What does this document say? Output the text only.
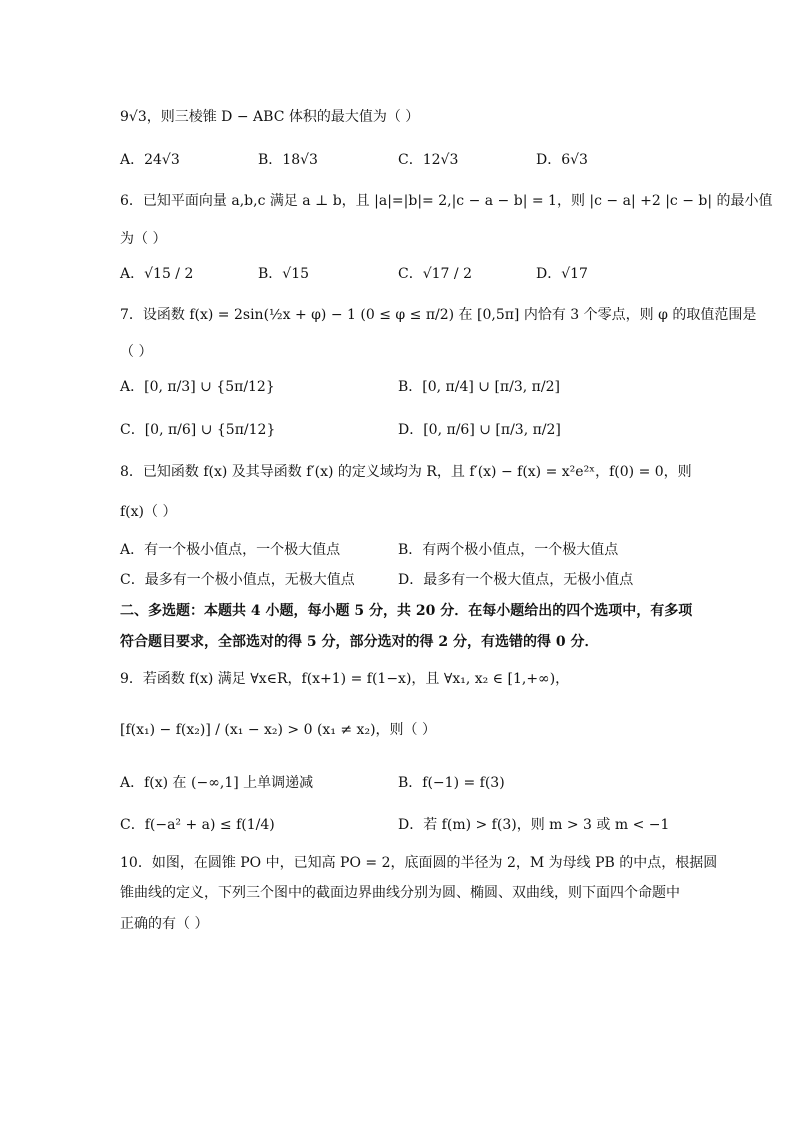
9√3，则三棱锥 D − ABC 体积的最大值为（ ）
A．24√3	B．18√3	C．12√3	D．6√3
6．已知平面向量 a,b,c 满足 a ⊥ b，且 |a|=|b|= 2,|c − a − b| = 1，则 |c − a| +2 |c − b| 的最小值
为（ ）
A．√15 / 2	B．√15	C．√17 / 2	D．√17
7．设函数 f(x) = 2sin(½x + φ) − 1 (0 ≤ φ ≤ π/2) 在 [0,5π] 内恰有 3 个零点，则 φ 的取值范围是
（ ）
A．[0, π/3] ∪ {5π/12}	B．[0, π/4] ∪ [π/3, π/2]
C．[0, π/6] ∪ {5π/12}	D．[0, π/6] ∪ [π/3, π/2]
8．已知函数 f(x) 及其导函数 f′(x) 的定义域均为 R，且 f′(x) − f(x) = x²e²ˣ，f(0) = 0，则
f(x)（ ）
A．有一个极小值点，一个极大值点	B．有两个极小值点，一个极大值点
C．最多有一个极小值点，无极大值点	D．最多有一个极大值点，无极小值点
二、多选题：本题共 4 小题，每小题 5 分，共 20 分．在每小题给出的四个选项中，有多项
符合题目要求，全部选对的得 5 分，部分选对的得 2 分，有选错的得 0 分．
9．若函数 f(x) 满足 ∀x∈R，f(x+1) = f(1−x)，且 ∀x₁, x₂ ∈ [1,+∞)，
[f(x₁) − f(x₂)] / (x₁ − x₂) > 0 (x₁ ≠ x₂)，则（ ）
A．f(x) 在 (−∞,1] 上单调递减	B．f(−1) = f(3)
C．f(−a² + a) ≤ f(1/4)	D．若 f(m) > f(3)，则 m > 3 或 m < −1
10．如图，在圆锥 PO 中，已知高 PO = 2，底面圆的半径为 2，M 为母线 PB 的中点，根据圆
锥曲线的定义，下列三个图中的截面边界曲线分别为圆、椭圆、双曲线，则下面四个命题中
正确的有（ ）
